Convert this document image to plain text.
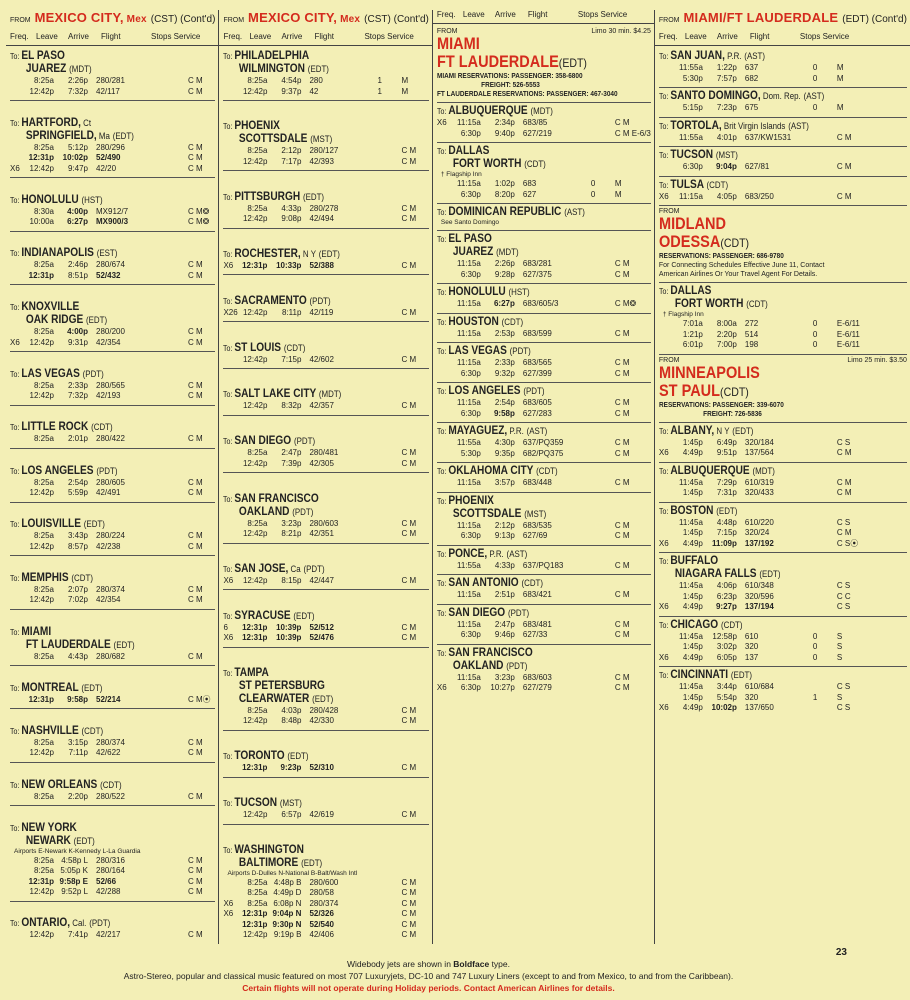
FROM MEXICO CITY, Mex (CST) (Cont'd)
Freq. Leave	Arrive	Flight	Stops Service
To: EL PASO
JUAREZ (MDT)
8:25a	2:26p	280/281	C M
12:42p	7:32p	42/117	C M
To: HARTFORD, Ct
SPRINGFIELD, Ma (EDT)
8:25a	5:12p	280/296	C M
12:31p	10:02p	52/490	C M
X6	12:42p	9:47p	42/20	C M
To: HONOLULU (HST)
8:30a	4:00p	MX912/7	C M❂
10:00a	6:27p	MX900/3	C M❂
To: INDIANAPOLIS (EST)
8:25a	2:46p	280/674	C M
12:31p	8:51p	52/432	C M
To: KNOXVILLE
OAK RIDGE (EDT)
8:25a	4:00p	280/200	C M
X6	12:42p	9:31p	42/354	C M
To: LAS VEGAS (PDT)
8:25a	2:33p	280/565	C M
12:42p	7:32p	42/193	C M
To: LITTLE ROCK (CDT)
8:25a	2:01p	280/422	C M
To: LOS ANGELES (PDT)
8:25a	2:54p	280/605	C M
12:42p	5:59p	42/491	C M
To: LOUISVILLE (EDT)
8:25a	3:43p	280/224	C M
12:42p	8:57p	42/238	C M
To: MEMPHIS (CDT)
8:25a	2:07p	280/374	C M
12:42p	7:02p	42/354	C M
To: MIAMI
FT LAUDERDALE (EDT)
8:25a	4:43p	280/682	C M
To: MONTREAL (EDT)
12:31p	9:58p	52/214	C M⦿
To: NASHVILLE (CDT)
8:25a	3:15p	280/374	C M
12:42p	7:11p	42/622	C M
To: NEW ORLEANS (CDT)
8:25a	2:20p	280/522	C M
To: NEW YORK
NEWARK (EDT)
Airports E-Newark K-Kennedy L-La Guardia
8:25a 4:58p L	280/316	C M
8:25a 5:05p K	280/164	C M
12:31p 9:58p E	52/66	C M
12:42p 9:52p L	42/288	C M
To: ONTARIO, Cal. (PDT)
12:42p	7:41p	42/217	C M
FROM MEXICO CITY, Mex (CST) (Cont'd)
Freq. Leave	Arrive	Flight	Stops Service
To: PHILADELPHIA
WILMINGTON (EDT)
8:25a	4:54p	280	1	M
12:42p	9:37p	42	1	M
To: PHOENIX
SCOTTSDALE (MST)
8:25a	2:12p	280/127	C M
12:42p	7:17p	42/393	C M
To: PITTSBURGH (EDT)
8:25a	4:33p	280/278	C M
12:42p	9:08p	42/494	C M
To: ROCHESTER, N Y (EDT)
X6	12:31p	10:33p	52/388	C M
To: SACRAMENTO (PDT)
X26 12:42p	8:11p	42/119	C M
To: ST LOUIS (CDT)
12:42p	7:15p	42/602	C M
To: SALT LAKE CITY (MDT)
12:42p	8:32p	42/357	C M
To: SAN DIEGO (PDT)
8:25a	2:47p	280/481	C M
12:42p	7:39p	42/305	C M
To: SAN FRANCISCO
OAKLAND (PDT)
8:25a	3:23p	280/603	C M
12:42p	8:21p	42/351	C M
To: SAN JOSE, Ca (PDT)
X6	12:42p	8:15p	42/447	C M
To: SYRACUSE (EDT)
6	12:31p	10:39p	52/512	C M
X6	12:31p	10:39p	52/476	C M
To: TAMPA
ST PETERSBURG
CLEARWATER (EDT)
8:25a	4:03p	280/428	C M
12:42p	8:48p	42/330	C M
To: TORONTO (EDT)
12:31p	9:23p	52/310	C M
To: TUCSON (MST)
12:42p	6:57p	42/619	C M
To: WASHINGTON
BALTIMORE (EDT)
Airports D-Dulles N-National B-Balt/Wash Intl
8:25a 4:48p B	280/600	C M
8:25a 4:49p D	280/58	C M
X6	8:25a 6:08p N	280/374	C M
X6	12:31p 9:04p N	52/326	C M
12:31p 9:30p N	52/540	C M
12:42p 9:19p B	42/406	C M
Freq. Leave	Arrive	Flight	Stops Service
FROM	Limo 30 min. $4.25
MIAMI
FT LAUDERDALE(EDT)
MIAMI RESERVATIONS: PASSENGER: 358-6800
FREIGHT: 526-5553
FT LAUDERDALE RESERVATIONS: PASSENGER: 467-3040
To: ALBUQUERQUE (MDT)
X6	11:15a	2:34p	683/85	C M
6:30p	9:40p	627/219	C M E-6/3
To: DALLAS
FORT WORTH (CDT)
† Flagship Inn
11:15a	1:02p	683	0	M
6:30p	8:20p	627	0	M
To: DOMINICAN REPUBLIC (AST)
See Santo Domingo
To: EL PASO
JUAREZ (MDT)
11:15a	2:26p	683/281	C M
6:30p	9:28p	627/375	C M
To: HONOLULU (HST)
11:15a	6:27p	683/605/3	C M❂
To: HOUSTON (CDT)
11:15a	2:53p	683/599	C M
To: LAS VEGAS (PDT)
11:15a	2:33p	683/565	C M
6:30p	9:32p	627/399	C M
To: LOS ANGELES (PDT)
11:15a	2:54p	683/605	C M
6:30p	9:58p	627/283	C M
To: MAYAGUEZ, P.R. (AST)
11:55a	4:30p	637/PQ359	C M
5:30p	9:35p	682/PQ375	C M
To: OKLAHOMA CITY (CDT)
11:15a	3:57p	683/448	C M
To: PHOENIX
SCOTTSDALE (MST)
11:15a	2:12p	683/535	C M
6:30p	9:13p	627/69	C M
To: PONCE, P.R. (AST)
11:55a	4:33p	637/PQ183	C M
To: SAN ANTONIO (CDT)
11:15a	2:51p	683/421	C M
To: SAN DIEGO (PDT)
11:15a	2:47p	683/481	C M
6:30p	9:46p	627/33	C M
To: SAN FRANCISCO
OAKLAND (PDT)
11:15a	3:23p	683/603	C M
X6	6:30p	10:27p	627/279	C M
FROM MIAMI/FT LAUDERDALE (EDT) (Cont'd)
Freq. Leave	Arrive	Flight	Stops Service
To: SAN JUAN, P.R. (AST)
11:55a	1:22p	637	0	M
5:30p	7:57p	682	0	M
To: SANTO DOMINGO, Dom. Rep. (AST)
5:15p	7:23p	675	0	M
To: TORTOLA, Brit Virgin Islands (AST)
11:55a	4:01p	637/KW1531	C M
To: TUCSON (MST)
6:30p	9:04p	627/81	C M
To: TULSA (CDT)
X6	11:15a	4:05p	683/250	C M
FROM
MIDLAND
ODESSA(CDT)
RESERVATIONS: PASSENGER: 686-9780
For Connecting Schedules Effective June 11, Contact
American Airlines Or Your Travel Agent For Details.
To: DALLAS
FORT WORTH (CDT)
† Flagship Inn
7:01a	8:00a	272	0	E-6/11
1:21p	2:20p	514	0	E-6/11
6:01p	7:00p	198	0	E-6/11
FROM	Limo 25 min. $3.50
MINNEAPOLIS
ST PAUL(CDT)
RESERVATIONS: PASSENGER: 339-6070
FREIGHT: 726-5836
To: ALBANY, N Y (EDT)
1:45p	6:49p	320/184	C S
X6	4:49p	9:51p	137/564	C M
To: ALBUQUERQUE (MDT)
11:45a	7:29p	610/319	C M
1:45p	7:31p	320/433	C M
To: BOSTON (EDT)
11:45a	4:48p	610/220	C S
1:45p	7:15p	320/24	C M
X6	4:49p	11:09p	137/192	C S⦿
To: BUFFALO
NIAGARA FALLS (EDT)
11:45a	4:06p	610/348	C S
1:45p	6:23p	320/596	C C
X6	4:49p	9:27p	137/194	C S
To: CHICAGO (CDT)
11:45a	12:58p	610	0	S
1:45p	3:02p	320	0	S
X6	4:49p	6:05p	137	0	S
To: CINCINNATI (EDT)
11:45a	3:44p	610/684	C S
1:45p	5:54p	320	1	S
X6	4:49p	10:02p	137/650	C S
23
Widebody jets are shown in Boldface type.
Astro-Stereo, popular and classical music featured on most 707 Luxuryjets, DC-10 and 747 Luxury Liners (except to and from Mexico, to and from the Caribbean).
Certain flights will not operate during Holiday periods. Contact American Airlines for details.
